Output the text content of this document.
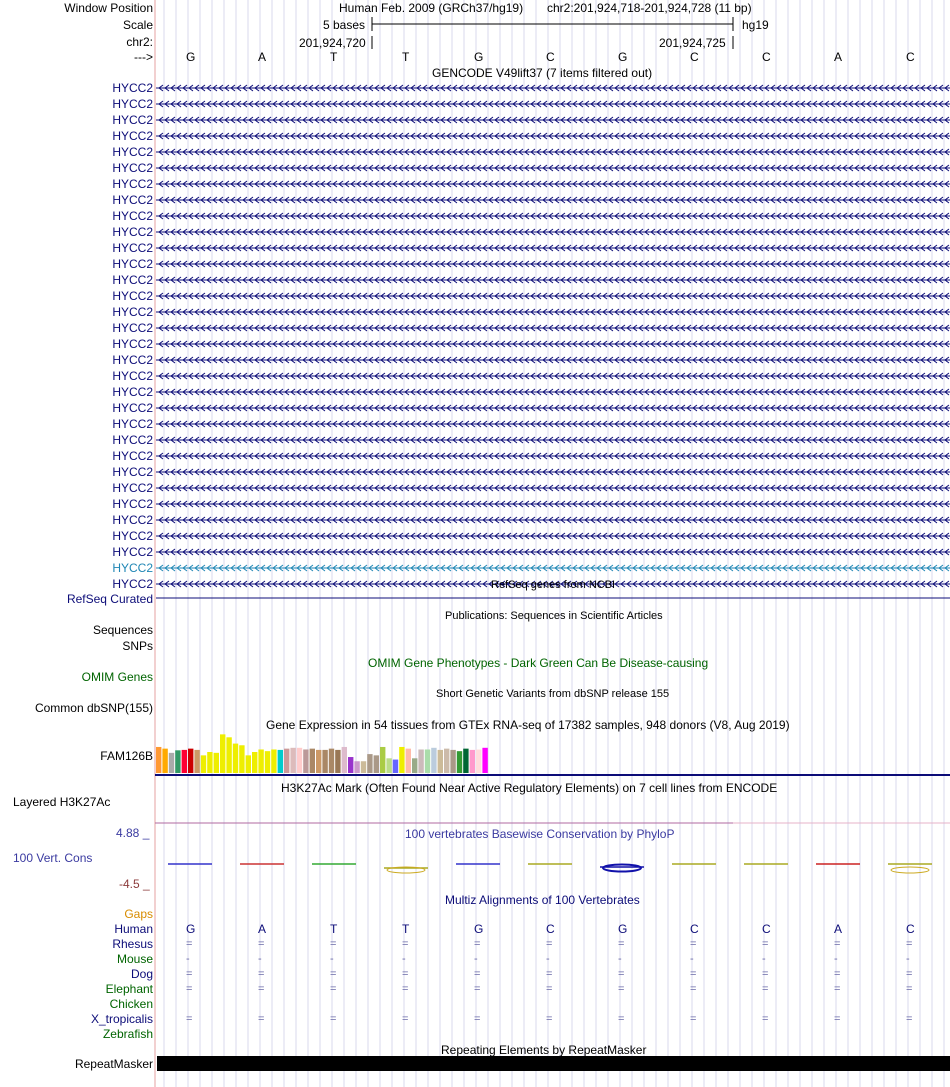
Window Position
Scale
chr2:
--->
Human Feb. 2009 (GRCh37/hg19) chr2:201,924,718-201,924,728 (11 bp)
5 bases	hg19
201,924,720	201,924,725
G	A	T	T	G	C	G	C	C	A	C
GENCODE V49lift37 (7 items filtered out)
HYCC2
HYCC2
HYCC2
HYCC2
HYCC2
HYCC2
HYCC2
HYCC2
HYCC2
HYCC2
HYCC2
HYCC2
HYCC2
HYCC2
HYCC2
HYCC2
HYCC2
HYCC2
HYCC2
HYCC2
HYCC2
HYCC2
HYCC2
HYCC2
HYCC2
HYCC2
HYCC2
HYCC2
HYCC2
HYCC2
HYCC2
HYCC2	RefSeq genes from NCBI
RefSeq Curated
Publications: Sequences in Scientific Articles
Sequences
SNPs
OMIM Gene Phenotypes - Dark Green Can Be Disease-causing
OMIM Genes
Short Genetic Variants from dbSNP release 155
Common dbSNP(155)
Gene Expression in 54 tissues from GTEx RNA-seq of 17382 samples, 948 donors (V8, Aug 2019)
FAM126B
H3K27Ac Mark (Often Found Near Active Regulatory Elements) on 7 cell lines from ENCODE
Layered H3K27Ac
4.88 _	100 vertebrates Basewise Conservation by PhyloP
100 Vert. Cons
-4.5 _
Multiz Alignments of 100 Vertebrates
Gaps
Human	G	A	T	T	G	C	G	C	C	A	C
Rhesus	=	=	=	=	=	=	=	=	=	=	=
Mouse	-	-	-	-	-	-	-	-	-	-	-
Dog	=	=	=	=	=	=	=	=	=	=	=
Elephant	=	=	=	=	=	=	=	=	=	=	=
Chicken
X_tropicalis	=	=	=	=	=	=	=	=	=	=	=
Zebrafish
Repeating Elements by RepeatMasker
RepeatMasker
